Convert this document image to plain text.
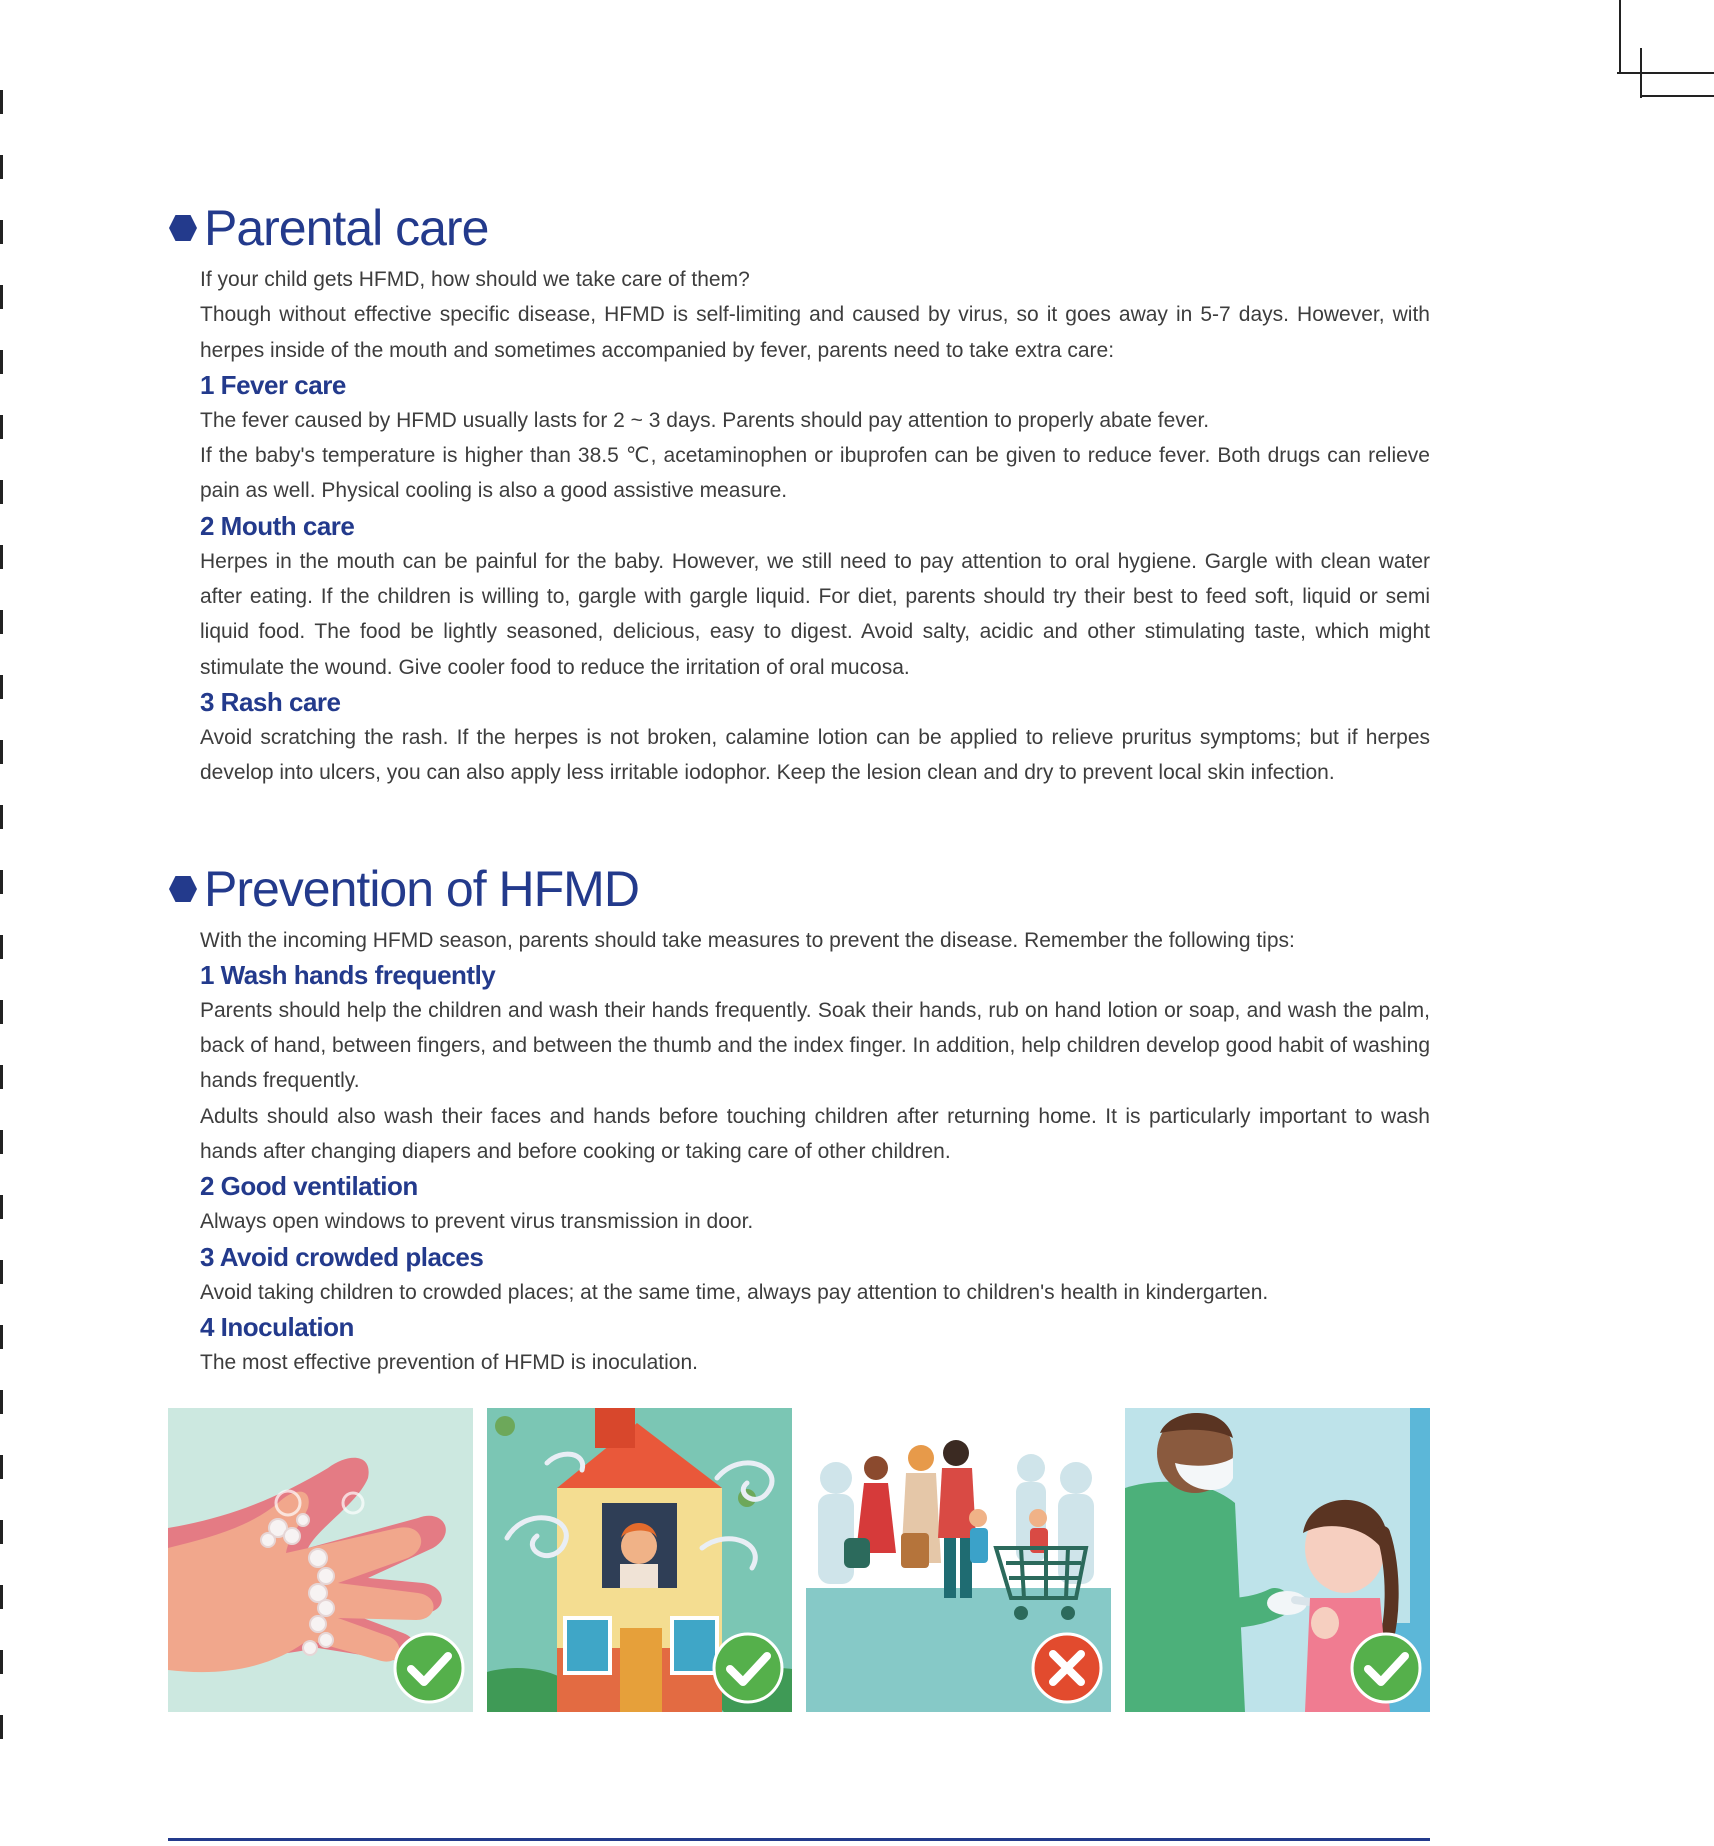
Parental care

If your child gets HFMD, how should we take care of them?

Though without effective specific disease, HFMD is self-limiting and caused by virus, so it goes away in 5-7 days. However, with herpes inside of the mouth and sometimes accompanied by fever, parents need to take extra care:

1 Fever care

The fever caused by HFMD usually lasts for 2 ~ 3 days. Parents should pay attention to properly abate fever.

If the baby's temperature is higher than 38.5 ℃, acetaminophen or ibuprofen can be given to reduce fever. Both drugs can relieve pain as well. Physical cooling is also a good assistive measure.

2 Mouth care

Herpes in the mouth can be painful for the baby. However, we still need to pay attention to oral hygiene. Gargle with clean water after eating. If the children is willing to, gargle with gargle liquid. For diet, parents should try their best to feed soft, liquid or semi liquid food. The food be lightly seasoned, delicious, easy to digest. Avoid salty, acidic and other stimulating taste, which might stimulate the wound. Give cooler food to reduce the irritation of oral mucosa.

3 Rash care

Avoid scratching the rash. If the herpes is not broken, calamine lotion can be applied to relieve pruritus symptoms; but if herpes develop into ulcers, you can also apply less irritable iodophor. Keep the lesion clean and dry to prevent local skin infection.

Prevention of HFMD

With the incoming HFMD season, parents should take measures to prevent the disease. Remember the following tips:

1 Wash hands frequently

Parents should help the children and wash their hands frequently. Soak their hands, rub on hand lotion or soap, and wash the palm, back of hand, between fingers, and between the thumb and the index finger. In addition, help children develop good habit of washing hands frequently.

Adults should also wash their faces and hands before touching children after returning home. It is particularly important to wash hands after changing diapers and before cooking or taking care of other children.

2 Good ventilation

Always open windows to prevent virus transmission in door.

3 Avoid crowded places

Avoid taking children to crowded places; at the same time, always pay attention to children's health in kindergarten.

4 Inoculation

The most effective prevention of HFMD is inoculation.
